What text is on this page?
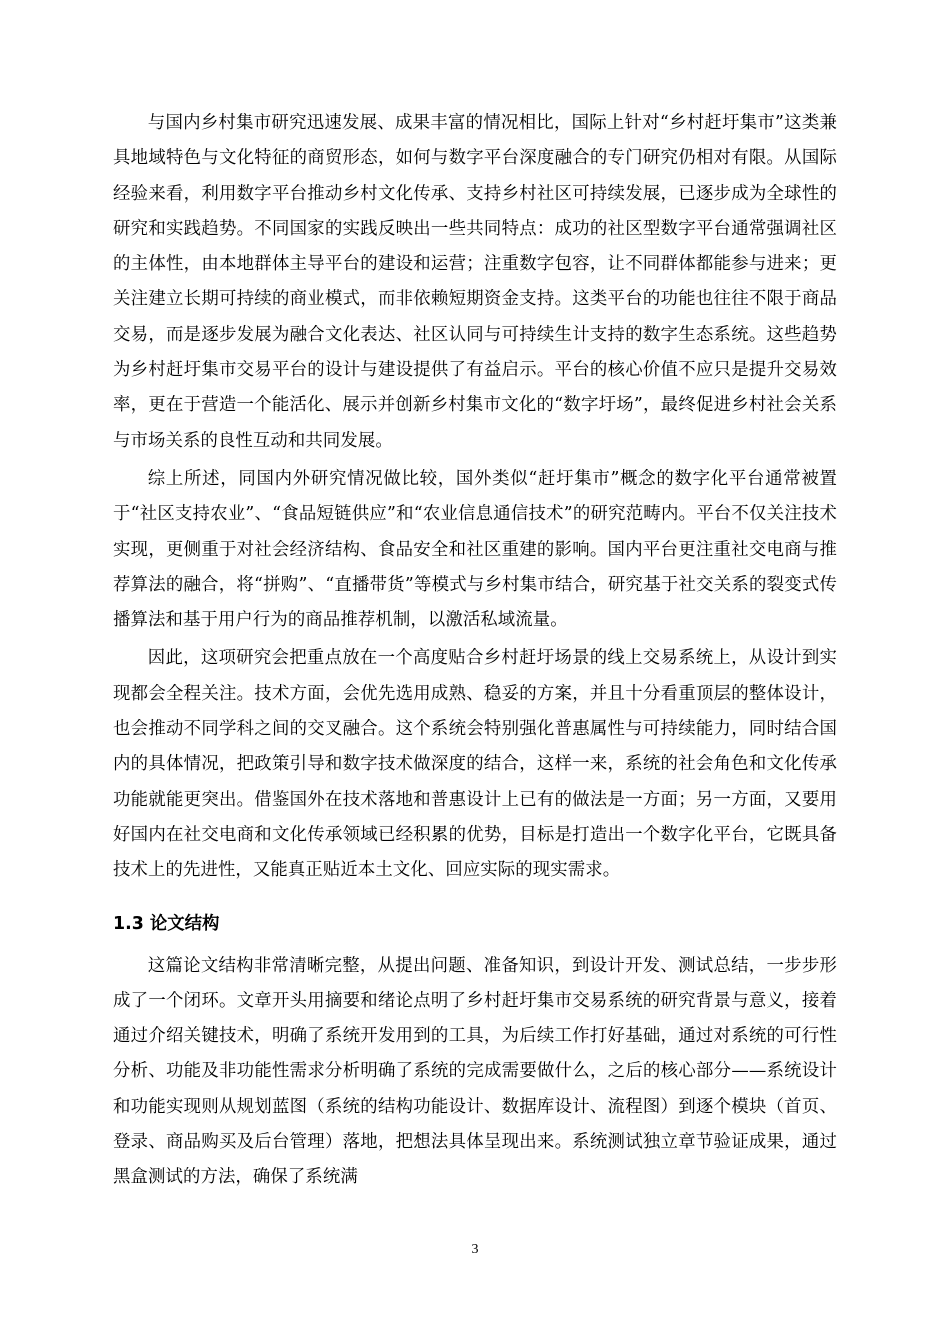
与国内乡村集市研究迅速发展、成果丰富的情况相比，国际上针对“乡村赶圩集市”这类兼具地域特色与文化特征的商贸形态，如何与数字平台深度融合的专门研究仍相对有限。从国际经验来看，利用数字平台推动乡村文化传承、支持乡村社区可持续发展，已逐步成为全球性的研究和实践趋势。不同国家的实践反映出一些共同特点：成功的社区型数字平台通常强调社区的主体性，由本地群体主导平台的建设和运营；注重数字包容，让不同群体都能参与进来；更关注建立长期可持续的商业模式，而非依赖短期资金支持。这类平台的功能也往往不限于商品交易，而是逐步发展为融合文化表达、社区认同与可持续生计支持的数字生态系统。这些趋势为乡村赶圩集市交易平台的设计与建设提供了有益启示。平台的核心价值不应只是提升交易效率，更在于营造一个能活化、展示并创新乡村集市文化的“数字圩场”，最终促进乡村社会关系与市场关系的良性互动和共同发展。

综上所述，同国内外研究情况做比较，国外类似“赶圩集市”概念的数字化平台通常被置于“社区支持农业”、“食品短链供应”和“农业信息通信技术”的研究范畴内。平台不仅关注技术实现，更侧重于对社会经济结构、食品安全和社区重建的影响。国内平台更注重社交电商与推荐算法的融合，将“拼购”、“直播带货”等模式与乡村集市结合，研究基于社交关系的裂变式传播算法和基于用户行为的商品推荐机制，以激活私域流量。

因此，这项研究会把重点放在一个高度贴合乡村赶圩场景的线上交易系统上，从设计到实现都会全程关注。技术方面，会优先选用成熟、稳妥的方案，并且十分看重顶层的整体设计，也会推动不同学科之间的交叉融合。这个系统会特别强化普惠属性与可持续能力，同时结合国内的具体情况，把政策引导和数字技术做深度的结合，这样一来，系统的社会角色和文化传承功能就能更突出。借鉴国外在技术落地和普惠设计上已有的做法是一方面；另一方面，又要用好国内在社交电商和文化传承领域已经积累的优势，目标是打造出一个数字化平台，它既具备技术上的先进性，又能真正贴近本土文化、回应实际的现实需求。

1.3 论文结构

这篇论文结构非常清晰完整，从提出问题、准备知识，到设计开发、测试总结，一步步形成了一个闭环。文章开头用摘要和绪论点明了乡村赶圩集市交易系统的研究背景与意义，接着通过介绍关键技术，明确了系统开发用到的工具，为后续工作打好基础，通过对系统的可行性分析、功能及非功能性需求分析明确了系统的完成需要做什么，之后的核心部分——系统设计和功能实现则从规划蓝图（系统的结构功能设计、数据库设计、流程图）到逐个模块（首页、登录、商品购买及后台管理）落地，把想法具体呈现出来。系统测试独立章节验证成果，通过黑盒测试的方法，确保了系统满

3
